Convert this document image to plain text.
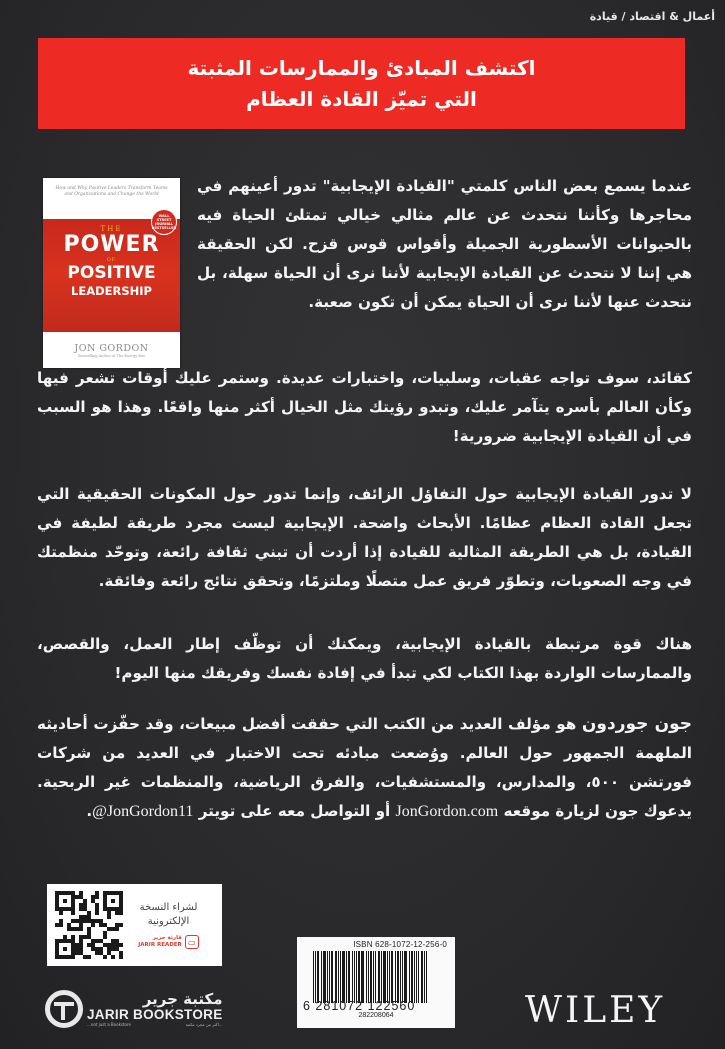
أعمال & اقتصاد / قيادة
اكتشف المبادئ والممارسات المثبتة
التي تميّز القادة العظام
How and Why Positive Leaders Transform Teams and Organizations and Change the World
WALL STREET JOURNAL BESTSELLER
THE
POWER
OF
POSITIVE
LEADERSHIP
JON GORDON
Bestselling Author of The Energy Bus

عندما يسمع بعض الناس كلمتي "القيادة الإيجابية" تدور أعينهم في محاجرها وكأننا نتحدث عن عالم مثالي خيالي تمتلئ الحياة فيه بالحيوانات الأسطورية الجميلة وأقواس قوس قزح. لكن الحقيقة هي إننا لا نتحدث عن القيادة الإيجابية لأننا نرى أن الحياة سهلة، بل نتحدث عنها لأننا نرى أن الحياة يمكن أن تكون صعبة.

كقائد، سوف تواجه عقبات، وسلبيات، واختبارات عديدة. وستمر عليك أوقات تشعر فيها وكأن العالم بأسره يتآمر عليك، وتبدو رؤيتك مثل الخيال أكثر منها واقعًا. وهذا هو السبب في أن القيادة الإيجابية ضرورية!

لا تدور القيادة الإيجابية حول التفاؤل الزائف، وإنما تدور حول المكونات الحقيقية التي تجعل القادة العظام عظامًا. الأبحاث واضحة. الإيجابية ليست مجرد طريقة لطيفة في القيادة، بل هي الطريقة المثالية للقيادة إذا أردت أن تبني ثقافة رائعة، وتوحّد منظمتك في وجه الصعوبات، وتطوّر فريق عمل متصلًا وملتزمًا، وتحقق نتائج رائعة وفائقة.

هناك قوة مرتبطة بالقيادة الإيجابية، ويمكنك أن توظّف إطار العمل، والقصص، والممارسات الواردة بهذا الكتاب لكي تبدأ في إفادة نفسك وفريقك منها اليوم!

جون جوردون هو مؤلف العديد من الكتب التي حققت أفضل مبيعات، وقد حفّزت أحاديثه الملهمة الجمهور حول العالم. ووُضعت مبادئه تحت الاختبار في العديد من شركات فورتشن ٥٠٠، والمدارس، والمستشفيات، والفرق الرياضية، والمنظمات غير الربحية. يدعوك جون لزيارة موقعه JonGordon.com أو التواصل معه على تويتر @JonGordon11.

لشراء النسخة
الإلكترونية
قارئة جرير
JARIR READER ▭
مكتبة جرير
JARIR BOOKSTORE
...not just a Bookstore	أكثر من مجرد مكتبة...
ISBN 628-1072-12-256-0
6 281072 122560
282208064	WILEY
